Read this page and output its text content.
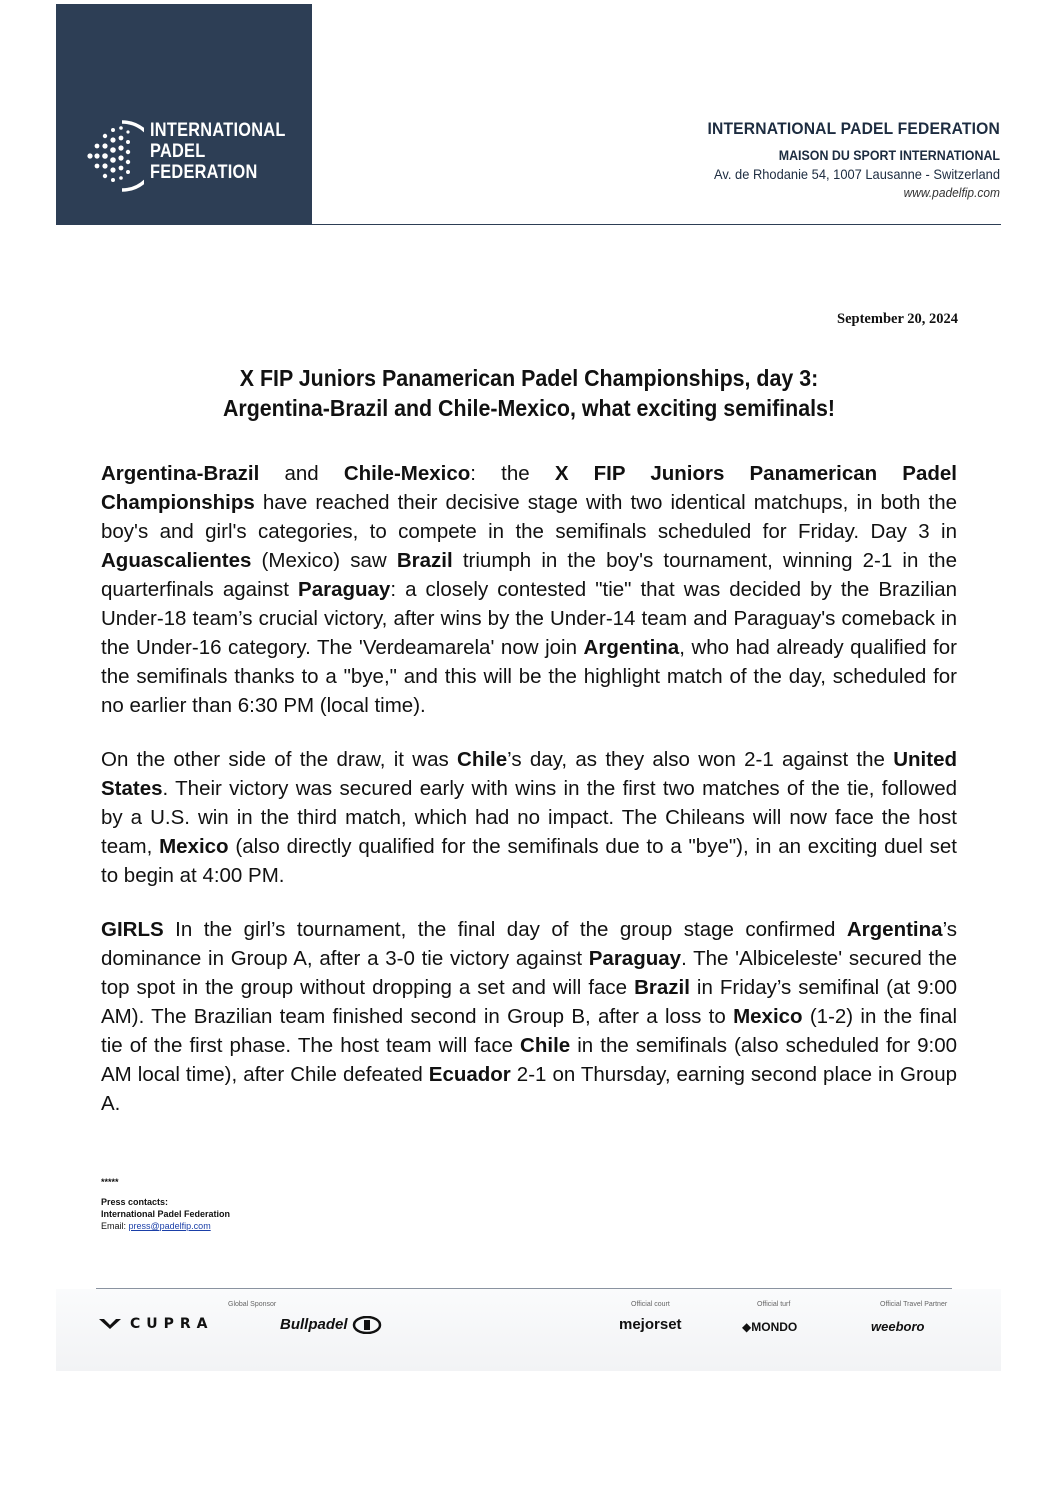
INTERNATIONAL
PADEL
FEDERATION
INTERNATIONAL PADEL FEDERATION
MAISON DU SPORT INTERNATIONAL
Av. de Rhodanie 54, 1007 Lausanne - Switzerland
www.padelfip.com
September 20, 2024
X FIP Juniors Panamerican Padel Championships, day 3:
Argentina-Brazil and Chile-Mexico, what exciting semifinals!

Argentina-Brazil and Chile-Mexico: the X FIP Juniors Panamerican Padel Championships have reached their decisive stage with two identical matchups, in both the boy's and girl's categories, to compete in the semifinals scheduled for Friday. Day 3 in Aguascalientes (Mexico) saw Brazil triumph in the boy's tournament, winning 2-1 in the quarterfinals against Paraguay: a closely contested "tie" that was decided by the Brazilian Under-18 team’s crucial victory, after wins by the Under-14 team and Paraguay's comeback in the Under-16 category. The 'Verdeamarela' now join Argentina, who had already qualified for the semifinals thanks to a "bye," and this will be the highlight match of the day, scheduled for no earlier than 6:30 PM (local time).

On the other side of the draw, it was Chile’s day, as they also won 2-1 against the United States. Their victory was secured early with wins in the first two matches of the tie, followed by a U.S. win in the third match, which had no impact. The Chileans will now face the host team, Mexico (also directly qualified for the semifinals due to a "bye"), in an exciting duel set to begin at 4:00 PM.

GIRLS In the girl’s tournament, the final day of the group stage confirmed Argentina’s dominance in Group A, after a 3-0 tie victory against Paraguay. The 'Albiceleste' secured the top spot in the group without dropping a set and will face Brazil in Friday’s semifinal (at 9:00 AM). The Brazilian team finished second in Group B, after a loss to Mexico (1-2) in the final tie of the first phase. The host team will face Chile in the semifinals (also scheduled for 9:00 AM local time), after Chile defeated Ecuador 2-1 on Thursday, earning second place in Group A.

*****
Press contacts:
International Padel Federation
Email: press@padelfip.com
Global Sponsor
CUPRA	Bullpadel
Official court
mejorset
Official turf
◆MONDO
Official Travel Partner
weeboro
